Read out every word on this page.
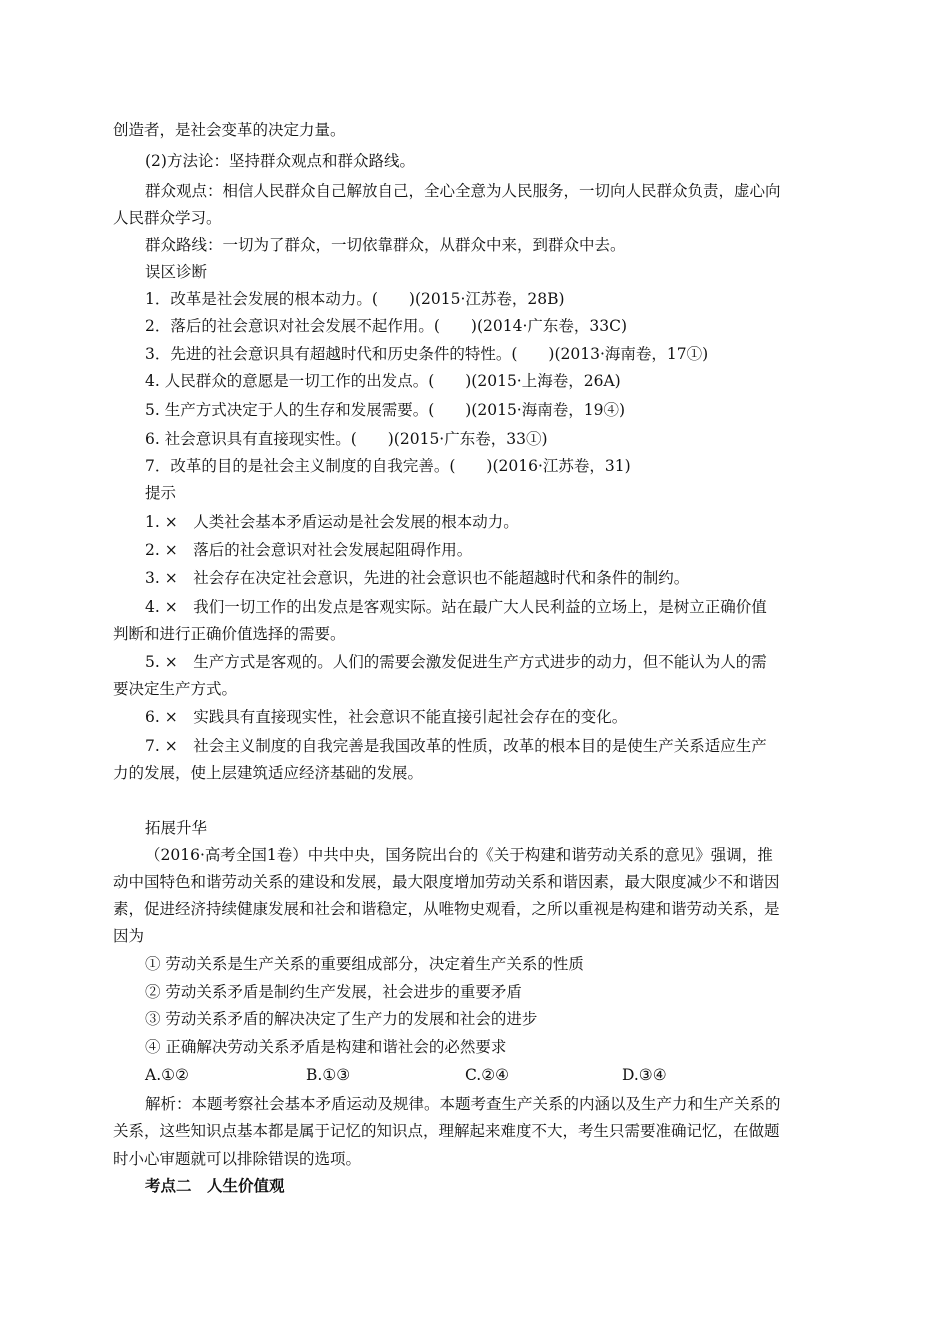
创造者，是社会变革的决定力量。
(2)方法论：坚持群众观点和群众路线。
群众观点：相信人民群众自己解放自己，全心全意为人民服务，一切向人民群众负责，虚心向
人民群众学习。
群众路线：一切为了群众，一切依靠群众，从群众中来，到群众中去。
误区诊断
1．改革是社会发展的根本动力。(　　)(2015·江苏卷，28B)
2．落后的社会意识对社会发展不起作用。(　　)(2014·广东卷，33C)
3．先进的社会意识具有超越时代和历史条件的特性。(　　)(2013·海南卷，17①)
4. 人民群众的意愿是一切工作的出发点。(　　)(2015·上海卷，26A)
5. 生产方式决定于人的生存和发展需要。(　　)(2015·海南卷，19④)
6. 社会意识具有直接现实性。(　　)(2015·广东卷，33①)
7．改革的目的是社会主义制度的自我完善。(　　)(2016·江苏卷，31)
提示
1. ×　人类社会基本矛盾运动是社会发展的根本动力。
2. ×　落后的社会意识对社会发展起阻碍作用。
3. ×　社会存在决定社会意识，先进的社会意识也不能超越时代和条件的制约。
4. ×　我们一切工作的出发点是客观实际。站在最广大人民利益的立场上，是树立正确价值
判断和进行正确价值选择的需要。
5. ×　生产方式是客观的。人们的需要会激发促进生产方式进步的动力，但不能认为人的需
要决定生产方式。
6. ×　实践具有直接现实性，社会意识不能直接引起社会存在的变化。
7. ×　社会主义制度的自我完善是我国改革的性质，改革的根本目的是使生产关系适应生产
力的发展，使上层建筑适应经济基础的发展。
拓展升华
（2016·高考全国1卷）中共中央，国务院出台的《关于构建和谐劳动关系的意见》强调，推
动中国特色和谐劳动关系的建设和发展，最大限度增加劳动关系和谐因素，最大限度减少不和谐因
素，促进经济持续健康发展和社会和谐稳定，从唯物史观看，之所以重视是构建和谐劳动关系，是
因为
① 劳动关系是生产关系的重要组成部分，决定着生产关系的性质
② 劳动关系矛盾是制约生产发展，社会进步的重要矛盾
③ 劳动关系矛盾的解决决定了生产力的发展和社会的进步
④ 正确解决劳动关系矛盾是构建和谐社会的必然要求
A.①②	B.①③	C.②④	D.③④
解析：本题考察社会基本矛盾运动及规律。本题考查生产关系的内涵以及生产力和生产关系的
关系，这些知识点基本都是属于记忆的知识点，理解起来难度不大，考生只需要准确记忆，在做题
时小心审题就可以排除错误的选项。
考点二　人生价值观
